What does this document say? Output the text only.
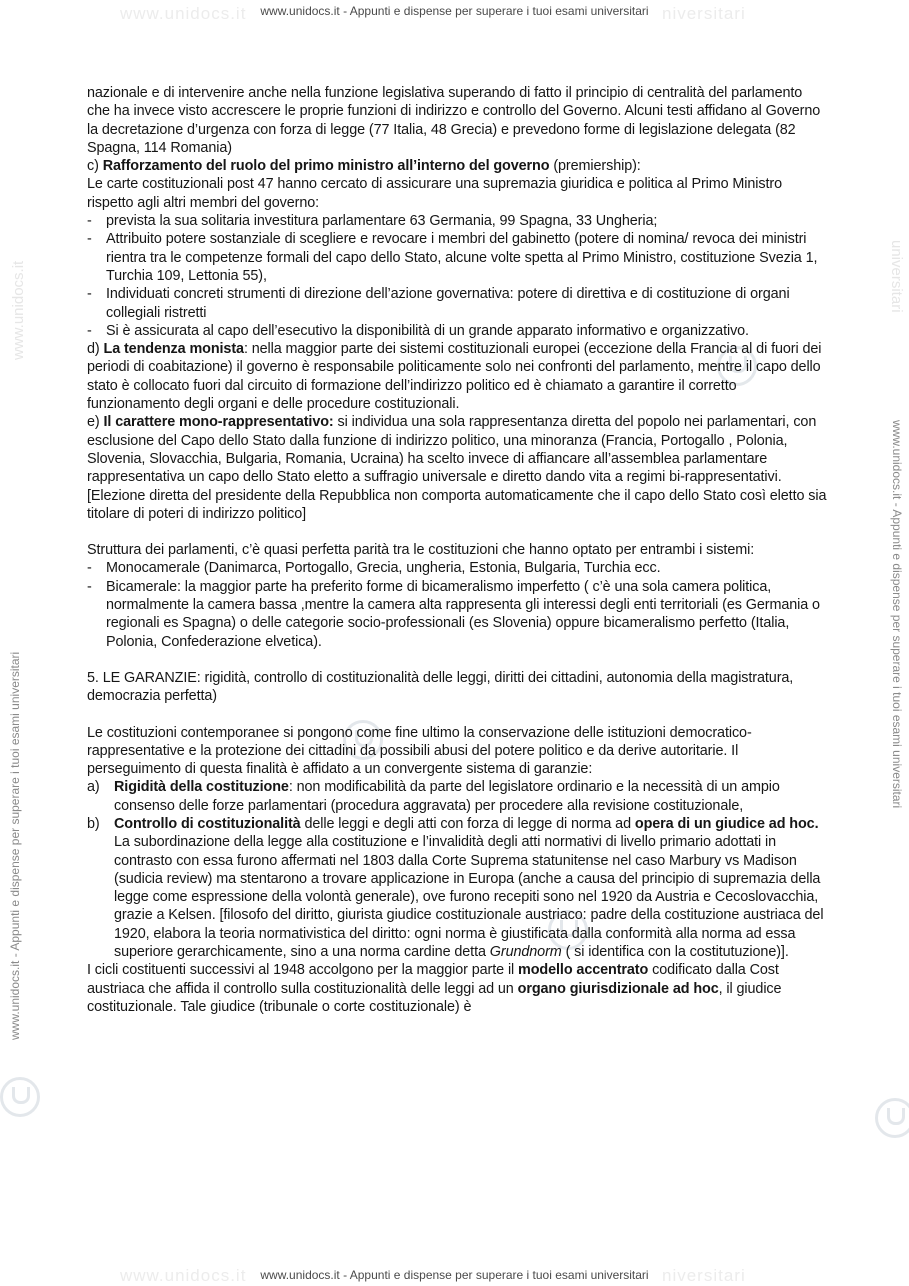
www.unidocs.it	niversitari
www.unidocs.it	niversitari
www.unidocs.it - Appunti e dispense per superare i tuoi esami universitari
www.unidocs.it - Appunti e dispense per superare i tuoi esami universitari
www.unidocs.it - Appunti e dispense per superare i tuoi esami universitari
www.unidocs.it - Appunti e dispense per superare i tuoi esami universitari
www.unidocs.it	universitari

nazionale e di intervenire anche nella funzione legislativa superando di fatto il principio di centralità del parlamento che ha invece visto accrescere le proprie funzioni di indirizzo e controllo del Governo. Alcuni testi affidano al Governo la decretazione d’urgenza con forza di legge (77 Italia, 48 Grecia) e prevedono forme di legislazione delegata (82 Spagna, 114 Romania)

c) Rafforzamento del ruolo del primo ministro all’interno del governo (premiership):

Le carte costituzionali post 47 hanno cercato di assicurare una supremazia giuridica e politica al Primo Ministro rispetto agli altri membri del governo:

- prevista la sua solitaria investitura parlamentare 63 Germania, 99 Spagna, 33 Ungheria;
- Attribuito potere sostanziale di scegliere e revocare i membri del gabinetto (potere di nomina/ revoca dei ministri rientra tra le competenze formali del capo dello Stato, alcune volte spetta al Primo Ministro, costituzione Svezia 1, Turchia 109, Lettonia 55),
- Individuati concreti strumenti di direzione dell’azione governativa: potere di direttiva e di costituzione di organi collegiali ristretti
- Si è assicurata al capo dell’esecutivo la disponibilità di un grande apparato informativo e organizzativo.

d) La tendenza monista: nella maggior parte dei sistemi costituzionali europei (eccezione della Francia al di fuori dei periodi di coabitazione) il governo è responsabile politicamente solo nei confronti del parlamento, mentre il capo dello stato è collocato fuori dal circuito di formazione dell’indirizzo politico ed è chiamato a garantire il corretto funzionamento degli organi e delle procedure costituzionali.

e) Il carattere mono-rappresentativo: si individua una sola rappresentanza diretta del popolo nei parlamentari, con esclusione del Capo dello Stato dalla funzione di indirizzo politico, una minoranza (Francia, Portogallo , Polonia, Slovenia, Slovacchia, Bulgaria, Romania, Ucraina) ha scelto invece di affiancare all’assemblea parlamentare rappresentativa un capo dello Stato eletto a suffragio universale e diretto dando vita a regimi bi-rappresentativi.[Elezione diretta del presidente della Repubblica non comporta automaticamente che il capo dello Stato così eletto sia titolare di poteri di indirizzo politico]

Struttura dei parlamenti, c’è quasi perfetta parità tra le costituzioni che hanno optato per entrambi i sistemi:

- Monocamerale (Danimarca, Portogallo, Grecia, ungheria, Estonia, Bulgaria, Turchia ecc.
- Bicamerale: la maggior parte ha preferito forme di bicameralismo imperfetto ( c’è una sola camera politica, normalmente la camera bassa ,mentre la camera alta rappresenta gli interessi degli enti territoriali (es Germania o regionali es Spagna) o delle categorie socio-professionali (es Slovenia) oppure bicameralismo perfetto (Italia, Polonia, Confederazione elvetica).

5. LE GARANZIE: rigidità, controllo di costituzionalità delle leggi, diritti dei cittadini, autonomia della magistratura, democrazia perfetta)

Le costituzioni contemporanee si pongono come fine ultimo la conservazione delle istituzioni democratico-rappresentative e la protezione dei cittadini da possibili abusi del potere politico e da derive autoritarie. Il perseguimento di questa finalità è affidato a un convergente sistema di garanzie:

a) Rigidità della costituzione: non modificabilità da parte del legislatore ordinario e la necessità di un ampio consenso delle forze parlamentari (procedura aggravata) per procedere alla revisione costituzionale,
b) Controllo di costituzionalità delle leggi e degli atti con forza di legge di norma ad opera di un giudice ad hoc. La subordinazione della legge alla costituzione e l’invalidità degli atti normativi di livello primario adottati in contrasto con essa furono affermati nel 1803 dalla Corte Suprema statunitense nel caso Marbury vs Madison (sudicia review) ma stentarono a trovare applicazione in Europa (anche a causa del principio di supremazia della legge come espressione della volontà generale), ove furono recepiti sono nel 1920 da Austria e Cecoslovacchia, grazie a Kelsen. [filosofo del diritto, giurista giudice costituzionale austriaco: padre della costituzione austriaca del 1920, elabora la teoria normativistica del diritto: ogni norma è giustificata dalla conformità alla norma ad essa superiore gerarchicamente, sino a una norma cardine detta Grundnorm ( si identifica con la costitutuzione)].

I cicli costituenti successivi al 1948 accolgono per la maggior parte il modello accentrato codificato dalla Cost austriaca che affida il controllo sulla costituzionalità delle leggi ad un organo giurisdizionale ad hoc, il giudice costituzionale. Tale giudice (tribunale o corte costituzionale) è
